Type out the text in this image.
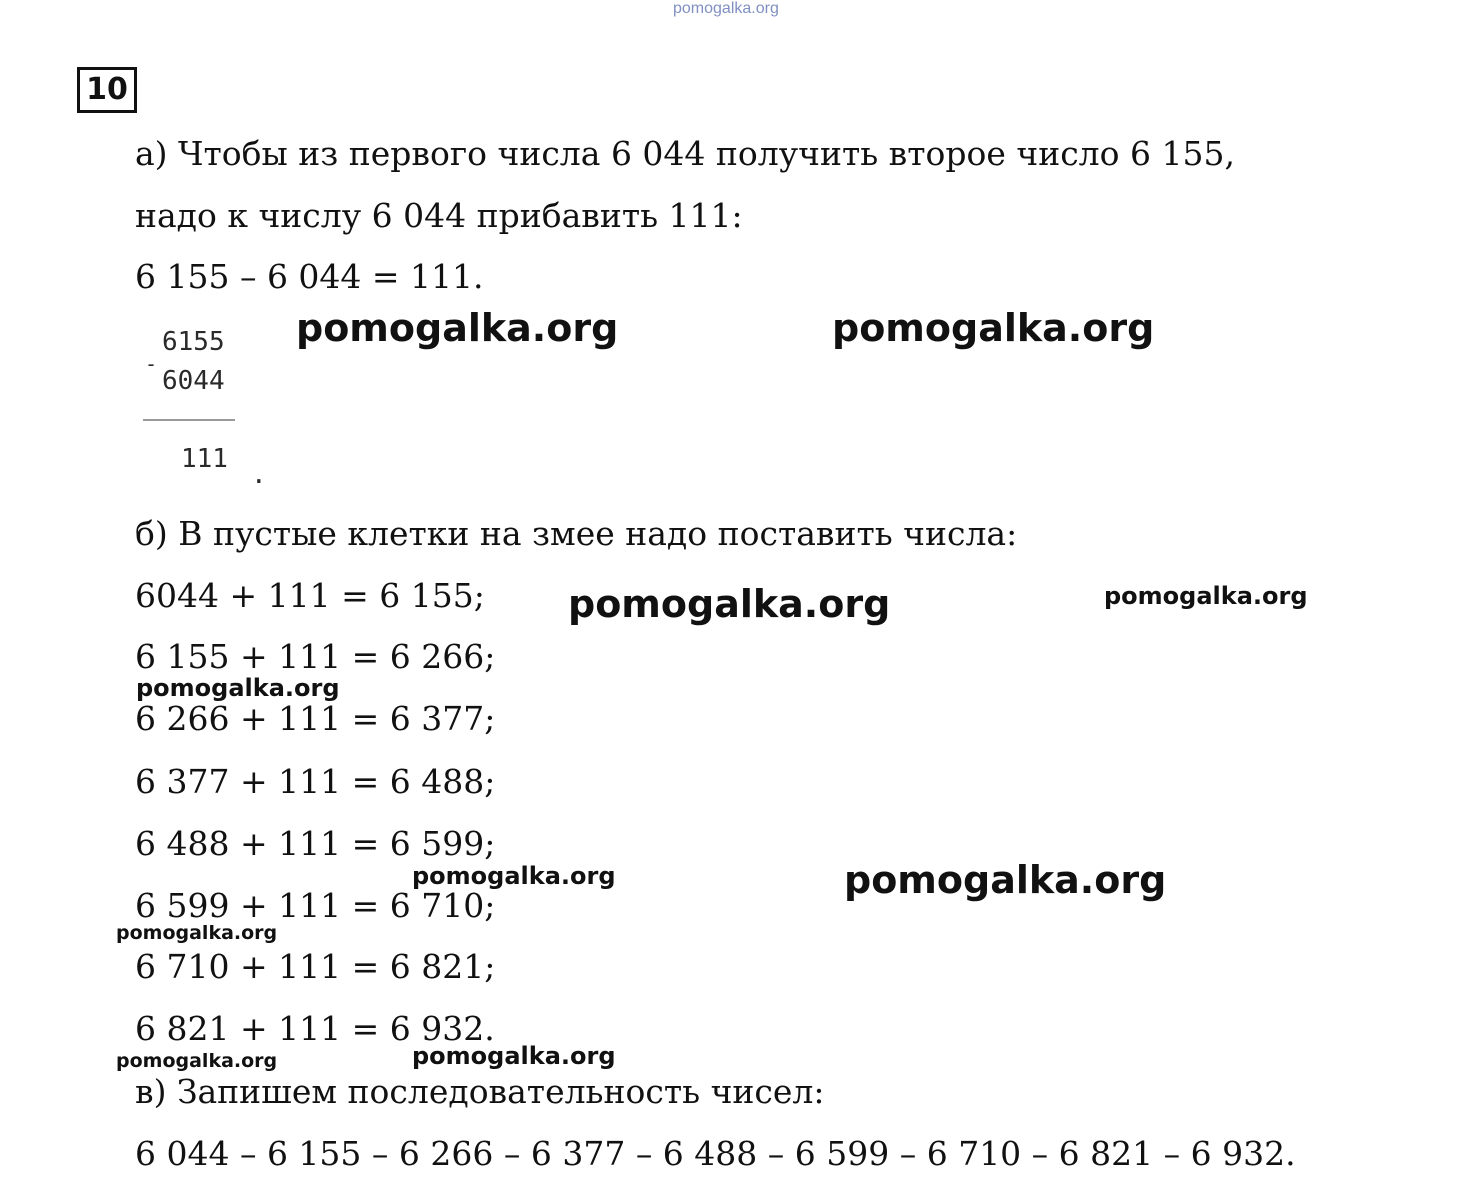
pomogalka.org
10
а) Чтобы из первого числа 6 044 получить второе число 6 155,
надо к числу 6 044 прибавить 111:
6 155 – 6 044 = 111.
-
6155
6044
111
.
б) В пустые клетки на змее надо поставить числа:
6044 + 111 = 6 155;
6 155 + 111 = 6 266;
6 266 + 111 = 6 377;
6 377 + 111 = 6 488;
6 488 + 111 = 6 599;
6 599 + 111 = 6 710;
6 710 + 111 = 6 821;
6 821 + 111 = 6 932.
в) Запишем последовательность чисел:
6 044 – 6 155 – 6 266 – 6 377 – 6 488 – 6 599 – 6 710 – 6 821 – 6 932.
pomogalka.org	pomogalka.org
pomogalka.org	pomogalka.org
pomogalka.org
pomogalka.org	pomogalka.org
pomogalka.org
pomogalka.org	pomogalka.org
